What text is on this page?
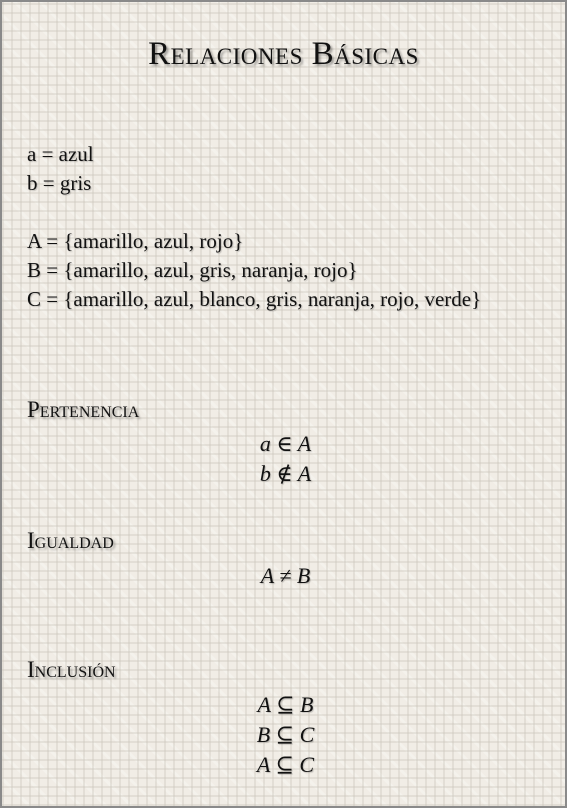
Relaciones Básicas
a = azul
b = gris
A = {amarillo, azul, rojo}
B = {amarillo, azul, gris, naranja, rojo}
C = {amarillo, azul, blanco, gris, naranja, rojo, verde}
Pertenencia
a ∈ A
b ∉ A
Igualdad
A ≠ B
Inclusión
A ⊆ B
B ⊆ C
A ⊆ C
